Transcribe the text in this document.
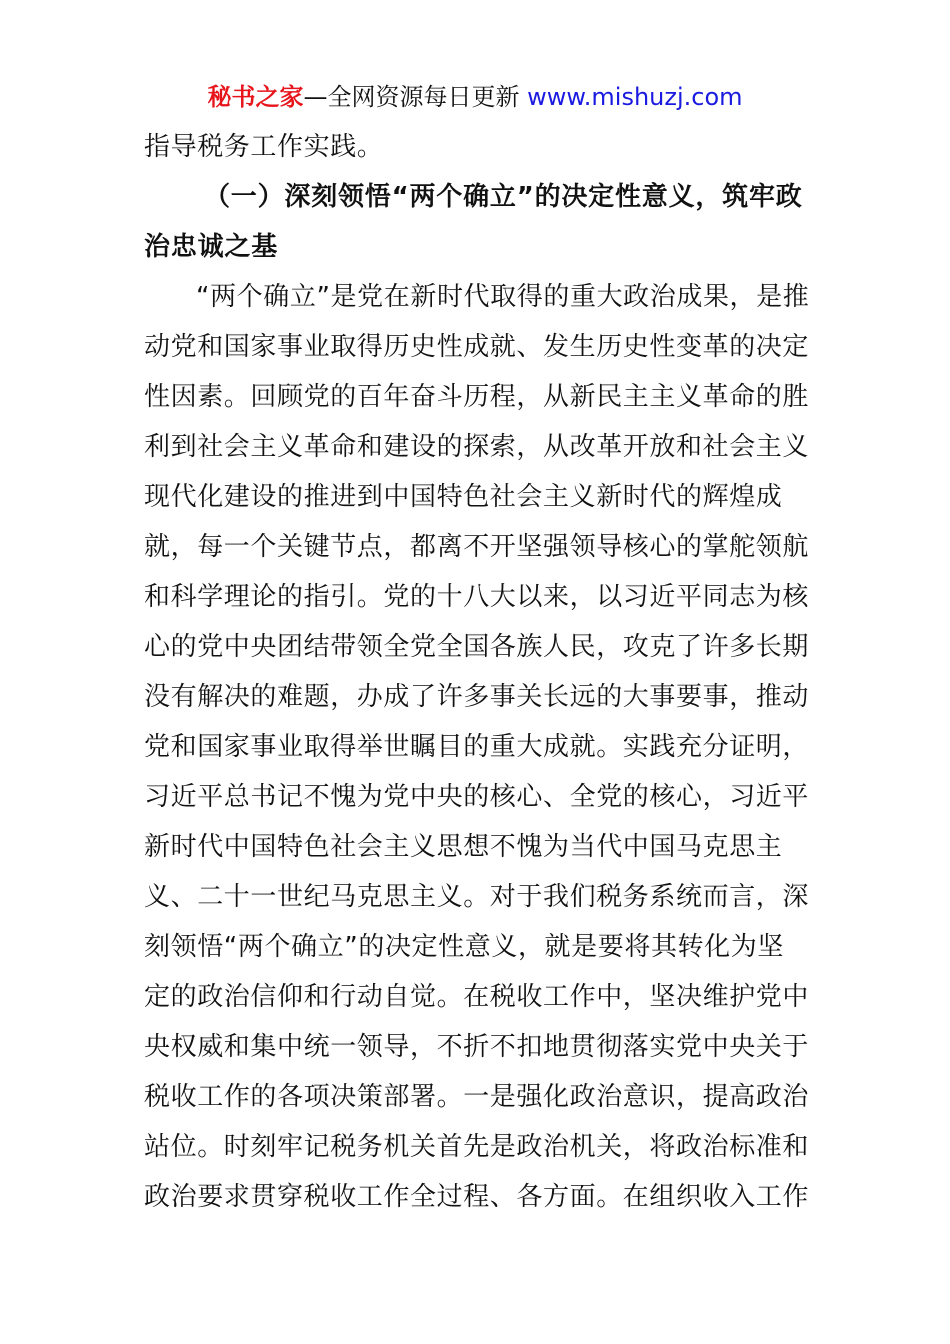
秘书之家—全网资源每日更新 www.mishuzj.com
指导税务工作实践。
（一）深刻领悟“两个确立”的决定性意义，筑牢政
治忠诚之基
“两个确立”是党在新时代取得的重大政治成果，是推
动党和国家事业取得历史性成就、发生历史性变革的决定
性因素。回顾党的百年奋斗历程，从新民主主义革命的胜
利到社会主义革命和建设的探索，从改革开放和社会主义
现代化建设的推进到中国特色社会主义新时代的辉煌成
就，每一个关键节点，都离不开坚强领导核心的掌舵领航
和科学理论的指引。党的十八大以来，以习近平同志为核
心的党中央团结带领全党全国各族人民，攻克了许多长期
没有解决的难题，办成了许多事关长远的大事要事，推动
党和国家事业取得举世瞩目的重大成就。实践充分证明，
习近平总书记不愧为党中央的核心、全党的核心，习近平
新时代中国特色社会主义思想不愧为当代中国马克思主
义、二十一世纪马克思主义。对于我们税务系统而言，深
刻领悟“两个确立”的决定性意义，就是要将其转化为坚
定的政治信仰和行动自觉。在税收工作中，坚决维护党中
央权威和集中统一领导，不折不扣地贯彻落实党中央关于
税收工作的各项决策部署。一是强化政治意识，提高政治
站位。时刻牢记税务机关首先是政治机关，将政治标准和
政治要求贯穿税收工作全过程、各方面。在组织收入工作
